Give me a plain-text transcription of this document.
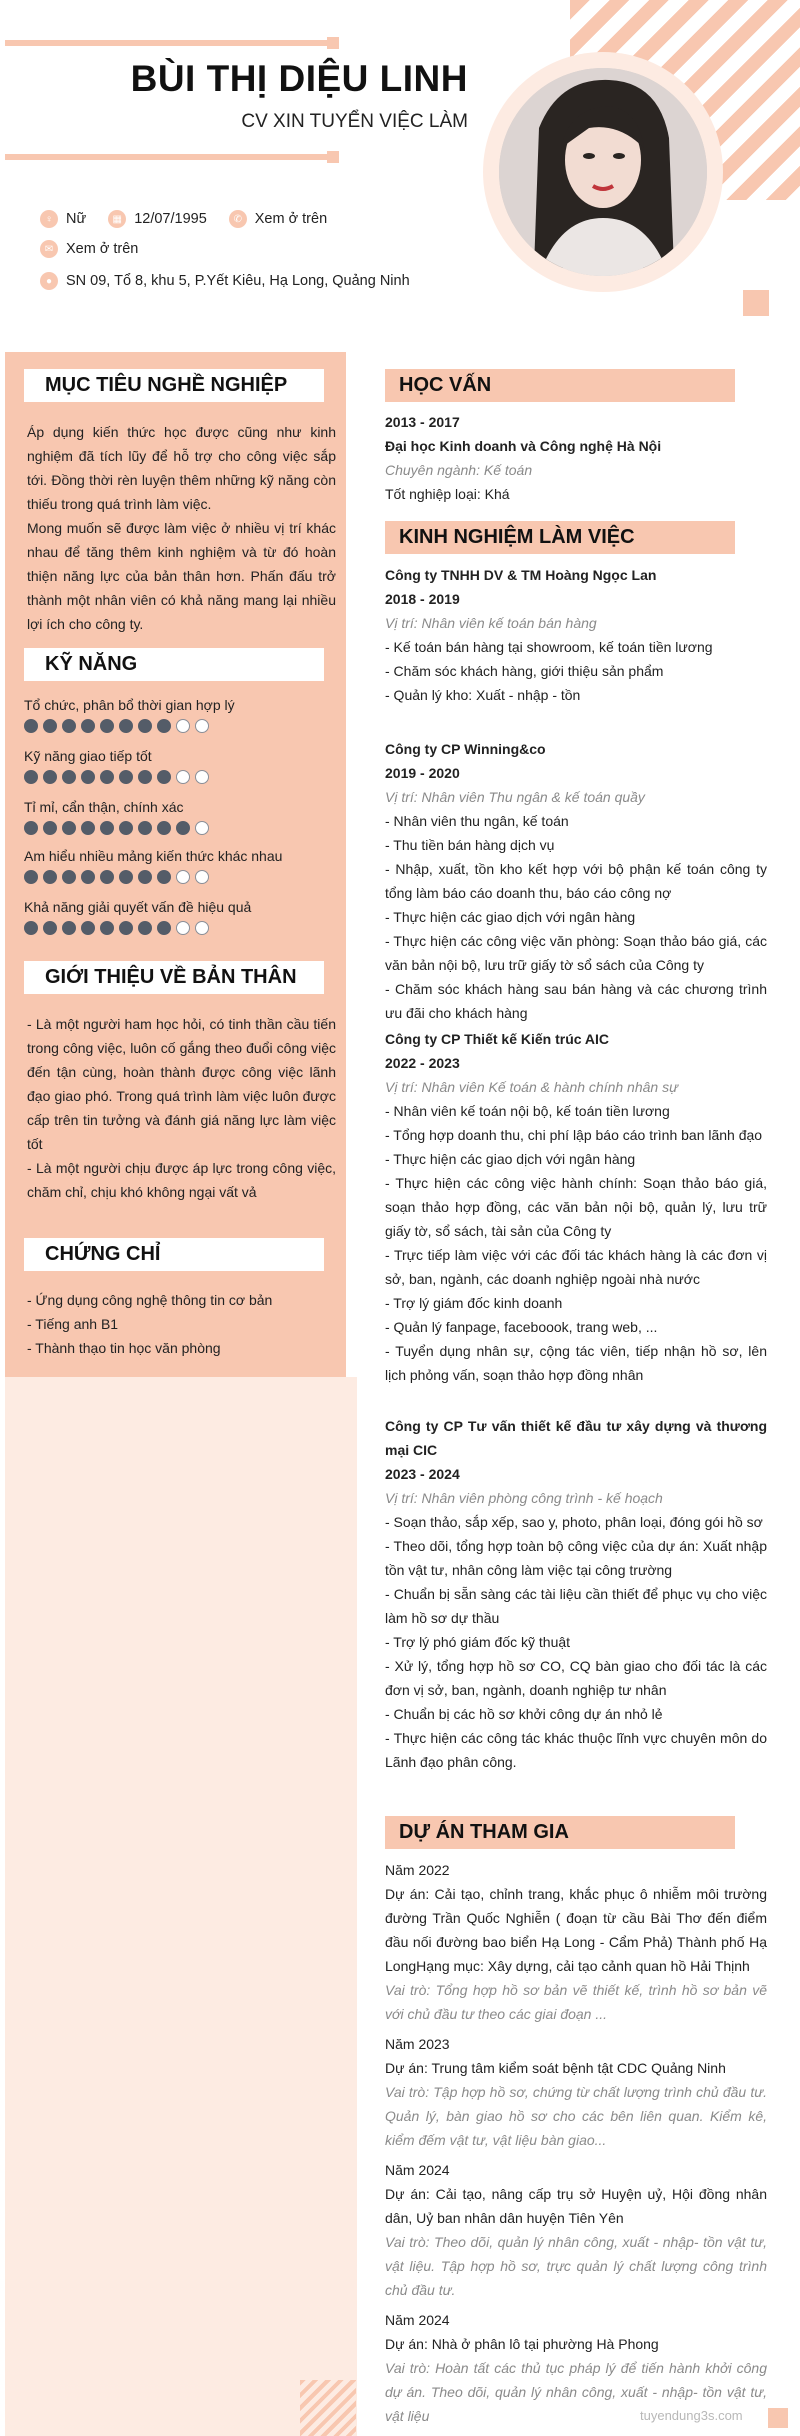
BÙI THỊ DIỆU LINH
CV XIN TUYỂN VIỆC LÀM
♀ Nữ	▦ 12/07/1995	✆ Xem ở trên
✉ Xem ở trên
● SN 09, Tổ 8, khu 5, P.Yết Kiêu, Hạ Long, Quảng Ninh
MỤC TIÊU NGHỀ NGHIỆP
Áp dụng kiến thức học được cũng như kinh nghiệm đã tích lũy để hỗ trợ cho công việc sắp tới. Đồng thời rèn luyện thêm những kỹ năng còn thiếu trong quá trình làm việc.
Mong muốn sẽ được làm việc ở nhiều vị trí khác nhau để tăng thêm kinh nghiệm và từ đó hoàn thiện năng lực của bản thân hơn. Phấn đấu trở thành một nhân viên có khả năng mang lại nhiều lợi ích cho công ty.
KỸ NĂNG
Tổ chức, phân bổ thời gian hợp lý
Kỹ năng giao tiếp tốt
Tỉ mỉ, cẩn thận, chính xác
Am hiểu nhiều mảng kiến thức khác nhau
Khả năng giải quyết vấn đề hiệu quả
GIỚI THIỆU VỀ BẢN THÂN
- Là một người ham học hỏi, có tinh thần cầu tiến trong công việc, luôn cố gắng theo đuổi công việc đến tận cùng, hoàn thành được công việc lãnh đạo giao phó. Trong quá trình làm việc luôn được cấp trên tin tưởng và đánh giá năng lực làm việc tốt
- Là một người chịu được áp lực trong công việc, chăm chỉ, chịu khó không ngại vất vả
CHỨNG CHỈ
- Ứng dụng công nghệ thông tin cơ bản
- Tiếng anh B1
- Thành thạo tin học văn phòng
HỌC VẤN
2013 - 2017
Đại học Kinh doanh và Công nghệ Hà Nội
Chuyên ngành: Kế toán
Tốt nghiệp loại: Khá
KINH NGHIỆM LÀM VIỆC
Công ty TNHH DV & TM Hoàng Ngọc Lan
2018 - 2019
Vị trí: Nhân viên kế toán bán hàng
- Kế toán bán hàng tại showroom, kế toán tiền lương
- Chăm sóc khách hàng, giới thiệu sản phẩm
- Quản lý kho: Xuất - nhập - tồn
Công ty CP Winning&co
2019 - 2020
Vị trí: Nhân viên Thu ngân & kế toán quầy
- Nhân viên thu ngân, kế toán
- Thu tiền bán hàng dịch vụ
- Nhập, xuất, tồn kho kết hợp với bộ phận kế toán công ty tổng làm báo cáo doanh thu, báo cáo công nợ
- Thực hiện các giao dịch với ngân hàng
- Thực hiện các công việc văn phòng: Soạn thảo báo giá, các văn bản nội bộ, lưu trữ giấy tờ sổ sách của Công ty
- Chăm sóc khách hàng sau bán hàng và các chương trình ưu đãi cho khách hàng
Công ty CP Thiết kế Kiến trúc AIC
2022 - 2023
Vị trí: Nhân viên Kế toán & hành chính nhân sự
- Nhân viên kế toán nội bộ, kế toán tiền lương
- Tổng hợp doanh thu, chi phí lập báo cáo trình ban lãnh đạo
- Thực hiện các giao dịch với ngân hàng
- Thực hiện các công việc hành chính: Soạn thảo báo giá, soạn thảo hợp đồng, các văn bản nội bộ, quản lý, lưu trữ giấy tờ, sổ sách, tài sản của Công ty
- Trực tiếp làm việc với các đối tác khách hàng là các đơn vị sở, ban, ngành, các doanh nghiệp ngoài nhà nước
- Trợ lý giám đốc kinh doanh
- Quản lý fanpage, faceboook, trang web, ...
- Tuyển dụng nhân sự, cộng tác viên, tiếp nhận hồ sơ, lên lịch phỏng vấn, soạn thảo hợp đồng nhân
Công ty CP Tư vấn thiết kế đầu tư xây dựng và thương mại CIC
2023 - 2024
Vị trí: Nhân viên phòng công trình - kế hoạch
- Soạn thảo, sắp xếp, sao y, photo, phân loại, đóng gói hồ sơ
- Theo dõi, tổng hợp toàn bộ công việc của dự án: Xuất nhập tồn vật tư, nhân công làm việc tại công trường
- Chuẩn bị sẵn sàng các tài liệu cần thiết để phục vụ cho việc làm hồ sơ dự thầu
- Trợ lý phó giám đốc kỹ thuật
- Xử lý, tổng hợp hồ sơ CO, CQ bàn giao cho đối tác là các đơn vị sở, ban, ngành, doanh nghiệp tư nhân
- Chuẩn bị các hồ sơ khởi công dự án nhỏ lẻ
- Thực hiện các công tác khác thuộc lĩnh vực chuyên môn do Lãnh đạo phân công.
DỰ ÁN THAM GIA
Năm 2022
Dự án: Cải tạo, chỉnh trang, khắc phục ô nhiễm môi trường đường Trần Quốc Nghiễn ( đoạn từ cầu Bài Thơ đến điểm đầu nối đường bao biển Hạ Long - Cẩm Phả) Thành phố Hạ LongHạng mục: Xây dựng, cải tạo cảnh quan hồ Hải Thịnh
Vai trò: Tổng hợp hồ sơ bản vẽ thiết kế, trình hồ sơ bản vẽ với chủ đầu tư theo các giai đoạn ...
Năm 2023
Dự án: Trung tâm kiểm soát bệnh tật CDC Quảng Ninh
Vai trò: Tập hợp hồ sơ, chứng từ chất lượng trình chủ đầu tư. Quản lý, bàn giao hồ sơ cho các bên liên quan. Kiểm kê, kiểm đếm vật tư, vật liệu bàn giao...
Năm 2024
Dự án: Cải tạo, nâng cấp trụ sở Huyện uỷ, Hội đồng nhân dân, Uỷ ban nhân dân huyện Tiên Yên
Vai trò: Theo dõi, quản lý nhân công, xuất - nhập- tồn vật tư, vật liệu. Tập hợp hồ sơ, trực quản lý chất lượng công trình chủ đầu tư.
Năm 2024
Dự án: Nhà ở phân lô tại phường Hà Phong
Vai trò: Hoàn tất các thủ tục pháp lý để tiến hành khởi công dự án. Theo dõi, quản lý nhân công, xuất - nhập- tồn vật tư, vật liệu	tuyendung3s.com
